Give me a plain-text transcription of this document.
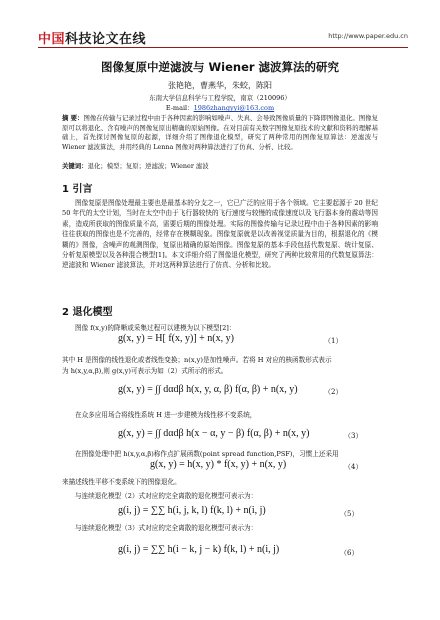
中国 科技论文在线	http://www.paper.edu.cn
图像复原中逆滤波与 Wiener 滤波算法的研究
张艳艳，曹燕华，朱蛟，陈阳
东南大学信息科学与工程学院，南京（210096）
E-mail：1986zhangyyi@163.com
摘 要：图像在传输与记录过程中由于各种因素的影响如噪声、失真、会导致图像质量的下降即图像退化。图像复原可以将退化、含有噪声的图像复原出精确的原始图像。在对目前有关数字图像复原技术的文献和资料的理解基础上，首先探讨图像复原的起源，详细介绍了图像退化模型，研究了两种常用的图像复原算法：逆滤波与 Wiener 滤波算法，并用经典的 Lenna 图像对两种算法进行了仿真、分析、比较。
关键词：退化；模型；复原；逆滤波；Wiener 滤波
1 引言
图像复原是图像处理最主要也是最基本的分支之一，它已广泛的应用于各个领域。它主要起源于 20 世纪 50 年代的太空计划，当时在太空中由于飞行器较快的飞行速度与较慢的成像速度以及飞行器本身的震动等因素，造成所获取的图像质量不高，需要后期的图像处理。实际的图像传输与记录过程中由于各种因素的影响往往获取的图像也是不完善的，经常存在模糊现象。图像复原就是以改善视觉质量为目的，根据退化的《模糊的》图像，含噪声的观测图像，复原出精确的原始图像。图像复原的基本手段包括代数复原、统计复原、分析复原模型以及各种混合模型[1]。本文详细介绍了图像退化模型，研究了两种比较常用的代数复原算法：逆滤波和 Wiener 滤波算法，并对这两种算法进行了仿真、分析和比较。
2 退化模型
图像 f(x,y)的降晰或采集过程可以建模为以下模型[2]：
g(x, y) = H[ f(x, y)] + n(x, y)	（1）
其中 H 是图像的线性退化或者线性变换；n(x,y)是加性噪声。若将 H 对应的核函数形式表示
为 h(x,y,α,β),则 g(x,y)可表示为如（2）式所示的形式。
g(x, y) = ∫∫ dαdβ h(x, y, α, β) f(α, β) + n(x, y)	（2）
在众多应用场合将线性系统 H 进一步建模为线性移不变系统，
g(x, y) = ∫∫ dαdβ h(x − α, y − β) f(α, β) + n(x, y)	（3）
在图像处理中把 h(x,y,α,β)称作点扩展函数(point spread function,PSF)，习惯上还采用
g(x, y) = h(x, y) * f(x, y) + n(x, y)	（4）
来描述线性平移不变系统下的图像退化。
与连续退化模型（2）式对应的完全离散的退化模型可表示为：
g(i, j) = ∑∑ h(i, j, k, l) f(k, l) + n(i, j)	（5）
与连续退化模型（3）式对应的完全离散的退化模型可表示为：
g(i, j) = ∑∑ h(i − k, j − k) f(k, l) + n(i, j)	（6）
